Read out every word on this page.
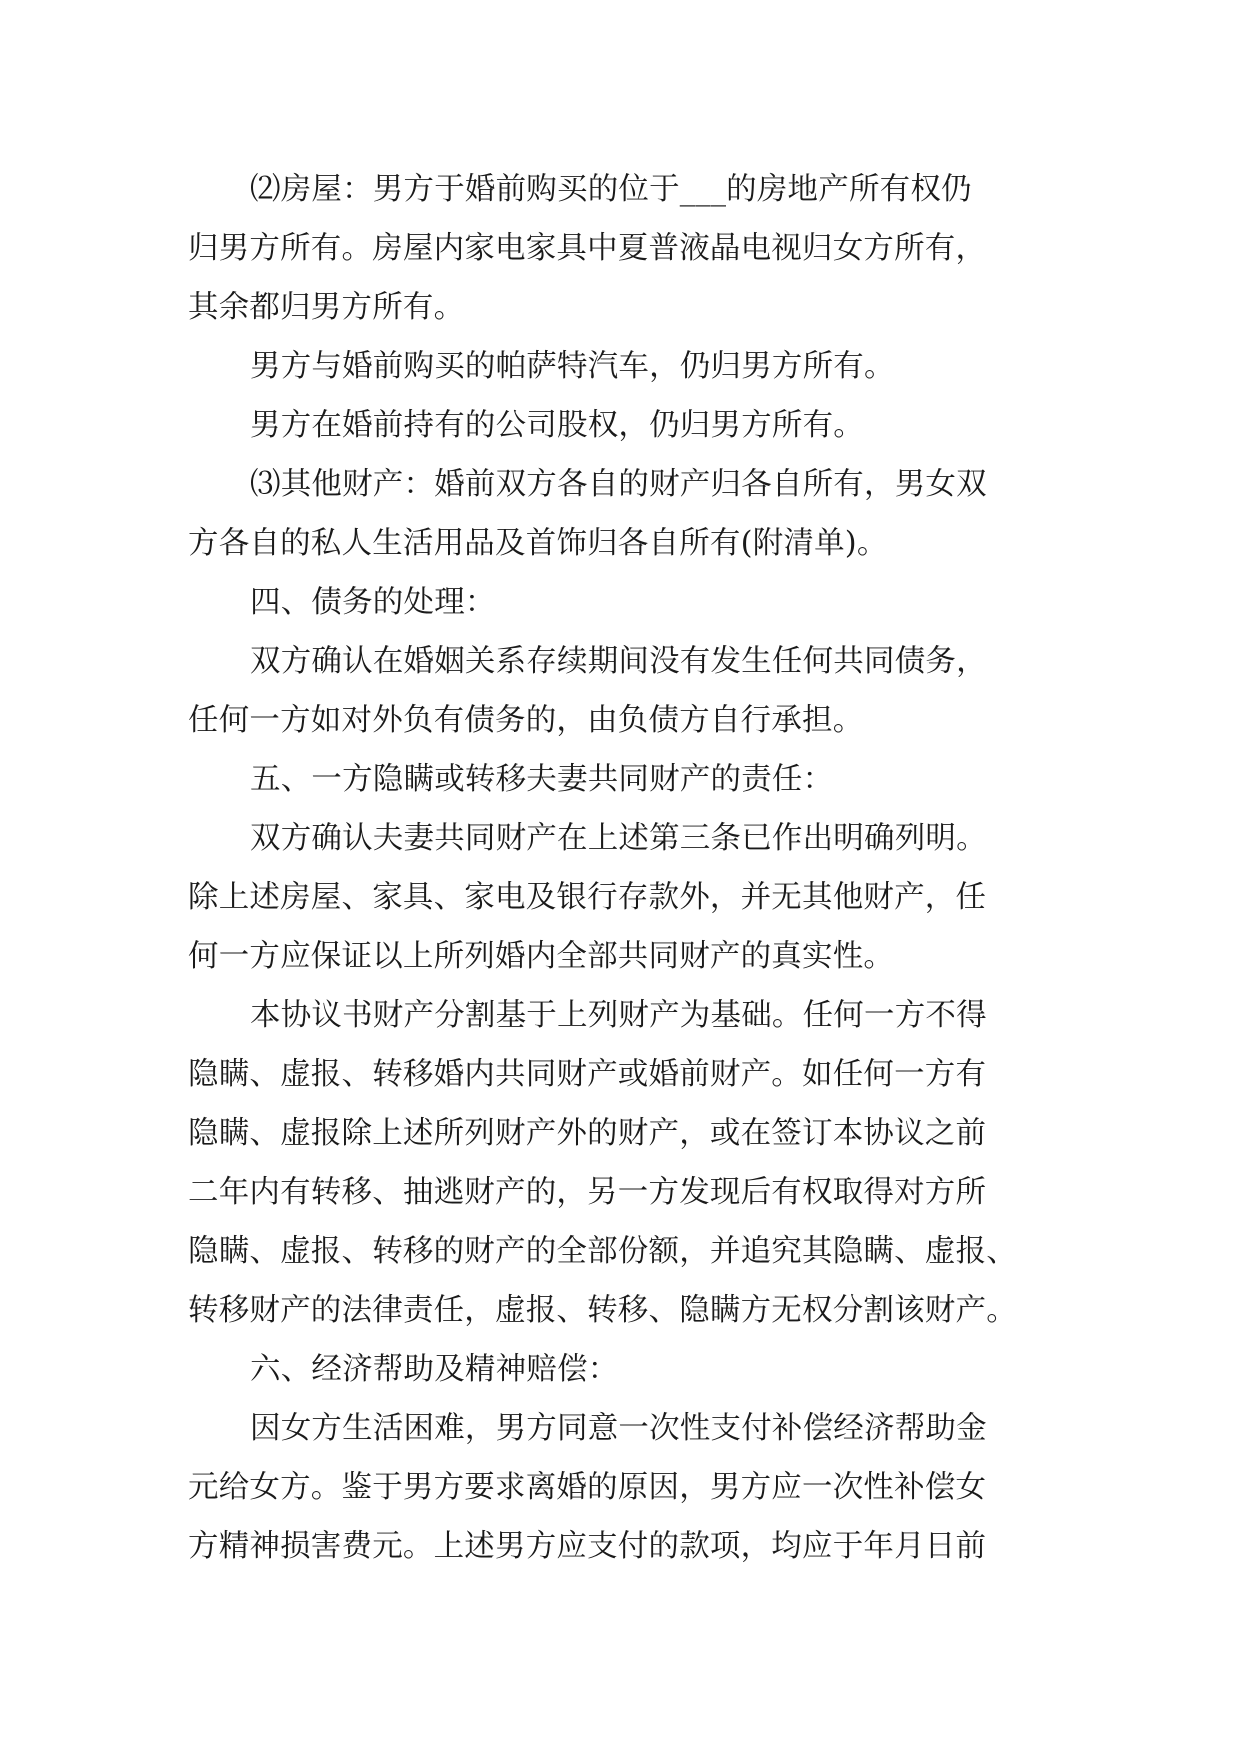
⑵房屋：男方于婚前购买的位于___的房地产所有权仍
归男方所有。房屋内家电家具中夏普液晶电视归女方所有，
其余都归男方所有。
男方与婚前购买的帕萨特汽车，仍归男方所有。
男方在婚前持有的公司股权，仍归男方所有。
⑶其他财产：婚前双方各自的财产归各自所有，男女双
方各自的私人生活用品及首饰归各自所有(附清单)。
四、债务的处理：
双方确认在婚姻关系存续期间没有发生任何共同债务，
任何一方如对外负有债务的，由负债方自行承担。
五、一方隐瞒或转移夫妻共同财产的责任：
双方确认夫妻共同财产在上述第三条已作出明确列明。
除上述房屋、家具、家电及银行存款外，并无其他财产，任
何一方应保证以上所列婚内全部共同财产的真实性。
本协议书财产分割基于上列财产为基础。任何一方不得
隐瞒、虚报、转移婚内共同财产或婚前财产。如任何一方有
隐瞒、虚报除上述所列财产外的财产，或在签订本协议之前
二年内有转移、抽逃财产的，另一方发现后有权取得对方所
隐瞒、虚报、转移的财产的全部份额，并追究其隐瞒、虚报、
转移财产的法律责任，虚报、转移、隐瞒方无权分割该财产。
六、经济帮助及精神赔偿：
因女方生活困难，男方同意一次性支付补偿经济帮助金
元给女方。鉴于男方要求离婚的原因，男方应一次性补偿女
方精神损害费元。上述男方应支付的款项，均应于年月日前
